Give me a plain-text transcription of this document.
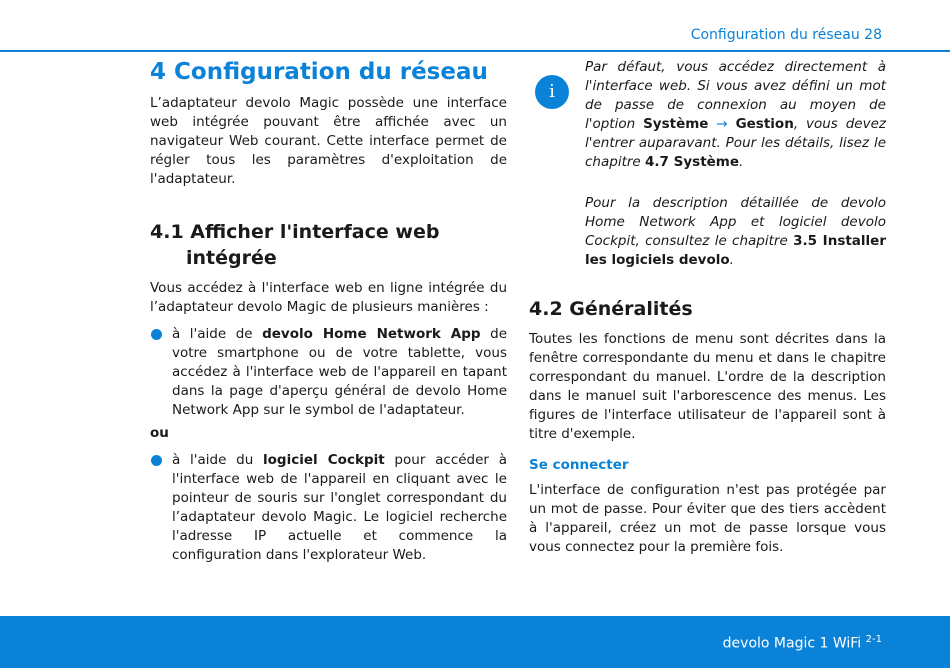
Configuration du réseau 28
4 Configuration du réseau

L’adaptateur devolo Magic possède une interface web intégrée pouvant être affichée avec un navigateur Web courant. Cette interface permet de régler tous les paramètres d'exploitation de l'adaptateur.

4.1 Afficher l'interface web
intégrée

Vous accédez à l'interface web en ligne intégrée du l’adaptateur devolo Magic de plusieurs manières :

à l'aide de devolo Home Network App de votre smartphone ou de votre tablette, vous accédez à l'interface web de l'appareil en tapant dans la page d'aperçu général de devolo Home Network App sur le symbol de l'adaptateur.
ou
à l'aide du logiciel Cockpit pour accéder à l'interface web de l'appareil en cliquant avec le pointeur de souris sur l'onglet correspondant du l’adaptateur devolo Magic. Le logiciel recherche l'adresse IP actuelle et commence la configuration dans l'explorateur Web.
i

Par défaut, vous accédez directement à l'interface web. Si vous avez défini un mot de passe de connexion au moyen de l'option Système → Gestion, vous devez l'entrer auparavant. Pour les détails, lisez le chapitre 4.7 Système.

Pour la description détaillée de devolo Home Network App et logiciel devolo Cockpit, consultez le chapitre 3.5 Installer les logiciels devolo.

4.2 Généralités

Toutes les fonctions de menu sont décrites dans la fenêtre correspondante du menu et dans le chapitre correspondant du manuel. L'ordre de la description dans le manuel suit l'arborescence des menus. Les figures de l'interface utilisateur de l'appareil sont à titre d'exemple.

Se connecter

L'interface de configuration n'est pas protégée par un mot de passe. Pour éviter que des tiers accèdent à l'appareil, créez un mot de passe lorsque vous vous connectez pour la première fois.

devolo Magic 1 WiFi $^{2-1}$
